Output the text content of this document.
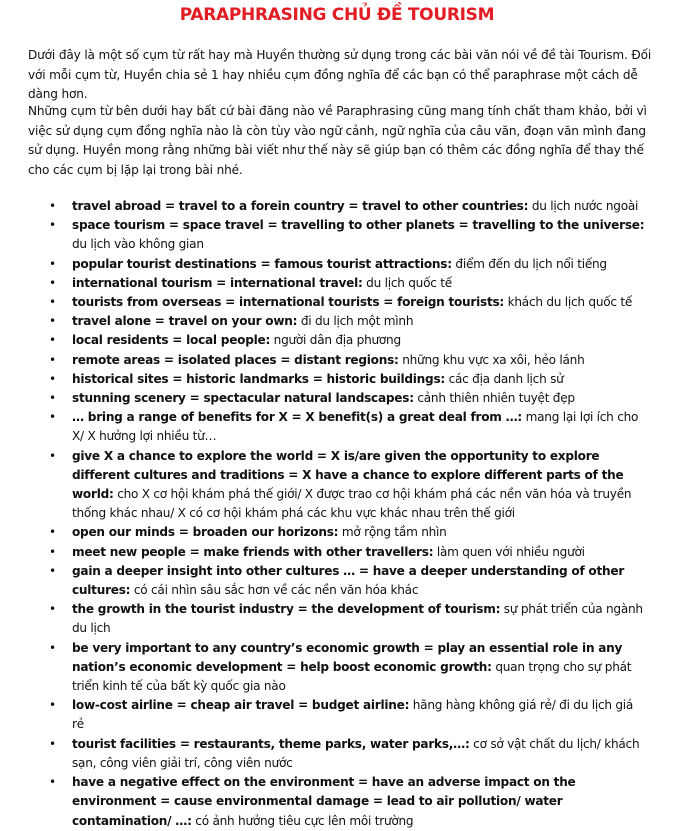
PARAPHRASING CHỦ ĐỀ TOURISM

Dưới đây là một số cụm từ rất hay mà Huyền thường sử dụng trong các bài văn nói về đề tài Tourism. Đối với mỗi cụm từ, Huyền chia sẻ 1 hay nhiều cụm đồng nghĩa để các bạn có thể paraphrase một cách dễ dàng hơn.

Những cụm từ bên dưới hay bất cứ bài đăng nào về Paraphrasing cũng mang tính chất tham khảo, bởi vì việc sử dụng cụm đồng nghĩa nào là còn tùy vào ngữ cảnh, ngữ nghĩa của câu văn, đoạn văn mình đang sử dụng. Huyền mong rằng những bài viết như thế này sẽ giúp bạn có thêm các đồng nghĩa để thay thế cho các cụm bị lặp lại trong bài nhé.

• travel abroad = travel to a forein country = travel to other countries: du lịch nước ngoài
• space tourism = space travel = travelling to other planets = travelling to the universe: du lịch vào không gian
• popular tourist destinations = famous tourist attractions: điểm đến du lịch nổi tiếng
• international tourism = international travel: du lịch quốc tế
• tourists from overseas = international tourists = foreign tourists: khách du lịch quốc tế
• travel alone = travel on your own: đi du lịch một mình
• local residents = local people: người dân địa phương
• remote areas = isolated places = distant regions: những khu vực xa xôi, hẻo lánh
• historical sites = historic landmarks = historic buildings: các địa danh lịch sử
• stunning scenery = spectacular natural landscapes: cảnh thiên nhiên tuyệt đẹp
• … bring a range of benefits for X = X benefit(s) a great deal from …: mang lại lợi ích cho X/ X hưởng lợi nhiều từ…
• give X a chance to explore the world = X is/are given the opportunity to explore different cultures and traditions = X have a chance to explore different parts of the world: cho X cơ hội khám phá thế giới/ X được trao cơ hội khám phá các nền văn hóa và truyền thống khác nhau/ X có cơ hội khám phá các khu vực khác nhau trên thế giới
• open our minds = broaden our horizons: mở rộng tầm nhìn
• meet new people = make friends with other travellers: làm quen với nhiều người
• gain a deeper insight into other cultures … = have a deeper understanding of other cultures: có cái nhìn sâu sắc hơn về các nền văn hóa khác
• the growth in the tourist industry = the development of tourism: sự phát triển của ngành du lịch
• be very important to any country’s economic growth = play an essential role in any nation’s economic development = help boost economic growth: quan trọng cho sự phát triển kinh tế của bất kỳ quốc gia nào
• low-cost airline = cheap air travel = budget airline: hãng hàng không giá rẻ/ đi du lịch giá rẻ
• tourist facilities = restaurants, theme parks, water parks,…: cơ sở vật chất du lịch/ khách sạn, công viên giải trí, công viên nước
• have a negative effect on the environment = have an adverse impact on the environment = cause environmental damage = lead to air pollution/ water contamination/ …: có ảnh hưởng tiêu cực lên môi trường
